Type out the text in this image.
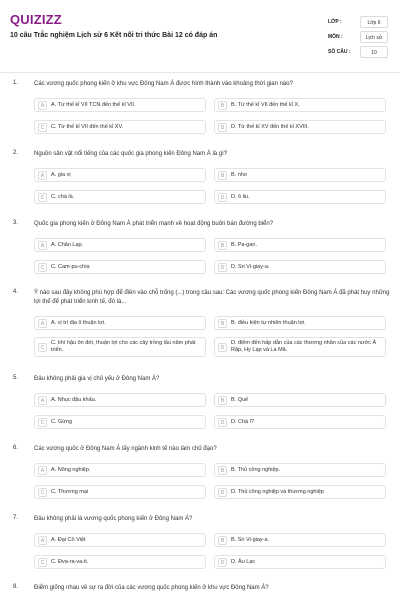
QUIZIZZ
10 câu Trắc nghiệm Lịch sử 6 Kết nối tri thức Bài 12 có đáp án
LỚP :	Lớp 6
MÔN :	Lịch sử
SỐ CÂU :	10
1.	Các vương quốc phong kiến ở khu vực Đông Nam Á được hình thành vào khoảng thời gian nào?
A	A. Từ thế kỉ VII TCN đến thế kỉ VII.	B	B. Từ thế kỉ VII đến thế kỉ X.
C	C. Từ thế kỉ VII đến thế kỉ XV.	D	D. Từ thế kỉ XV đến thế kỉ XVIII.
2.	Nguồn sản vật nổi tiếng của các quốc gia phong kiến Đông Nam Á là gì?
A	A. gia vị	B	B. nho
C	C. chà là.	D	D. ô liu.
3.	Quốc gia phong kiến ở Đông Nam Á phát triển mạnh về hoạt động buôn bán đường biển?
A	A. Chân Lạp.	B	B. Pa-gan.
C	C. Cam-pu-chia	D	D. Sri Vi-giay-a.
4.	Ý nào sau đây không phù hợp để điền vào chỗ trống (...) trong câu sau: Các vương quốc phong kiến Đông Nam Á đã phát huy những lợi thế để phát triển kinh tế, đó là...
A	A. vị trí địa lí thuận lợi.	B	B. điều kiện tự nhiên thuận lợi.
C
C. khí hậu ôn đới, thuận lợi cho các cây trồng lâu năm phát triển.	D
D. điểm đến hấp dẫn của các thương nhân của các nước Ả Rập, Hy Lạp và La Mã.
5.	Đâu không phải gia vị chủ yếu ở Đông Nam Á?
A	A. Nhục đậu khấu.	B	B. Quế
C	C. Gừng	D	D. Chà l?
6.	Các vương quốc ở Đông Nam Á lấy ngành kinh tế nào làm chủ đạo?
A	A. Nông nghiệp.	B	B. Thủ công nghiệp.
C	C. Thương mại	D	D. Thủ công nghiệp và thương nghiệp
7.	Đâu không phải là vương quốc phong kiến ở Đông Nam Á?
A	A. Đại Cồ Việt	B	B. Sri Vi-giay-a.
C	C. Đva-ra-va-ti.	D	D. Âu Lạc
8.	Điểm giống nhau về sự ra đời của các vương quốc phong kiến ở khu vực Đông Nam Á?
